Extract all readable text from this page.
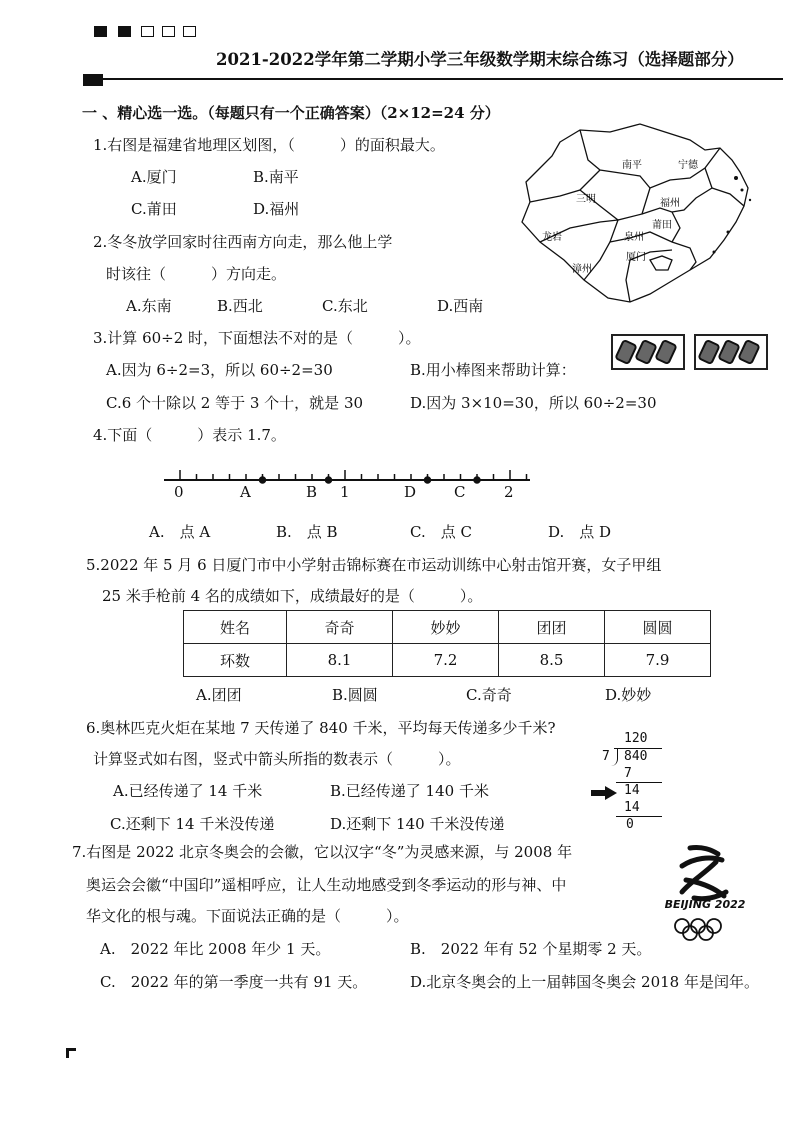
2021-2022学年第二学期小学三年级数学期末综合练习（选择题部分）
一 、精心选一选。（每题只有一个正确答案）（2×12=24 分）
1.右图是福建省地理区划图，（　　　）的面积最大。
A.厦门	B.南平
C.莆田	D.福州
南平	宁德
三明	福州
龙岩
莆田
泉州
漳州
厦门
2.冬冬放学回家时往西南方向走，那么他上学
时该往（　　　）方向走。
A.东南	B.西北	C.东北	D.西南
3.计算 60÷2 时，下面想法不对的是（　　　）。
A.因为 6÷2=3，所以 60÷2=30	B.用小棒图来帮助计算：
C.6 个十除以 2 等于 3 个十，就是 30	D.因为 3×10=30，所以 60÷2=30
4.下面（　　　）表示 1.7。
0	A	B 1	D	C	2
A.　点 A	B.　点 B	C.　点 C	D.　点 D
5.2022 年 5 月 6 日厦门市中小学射击锦标赛在市运动训练中心射击馆开赛，女子甲组
25 米手枪前 4 名的成绩如下，成绩最好的是（　　　）。
姓名	奇奇	妙妙	团团	圆圆
环数	8.1	7.2	8.5	7.9
A.团团	B.圆圆	C.奇奇	D.妙妙
6.奥林匹克火炬在某地 7 天传递了 840 千米，平均每天传递多少千米?
计算竖式如右图，竖式中箭头所指的数表示（　　　）。
A.已经传递了 14 千米	B.已经传递了 140 千米
C.还剩下 14 千米没传递	D.还剩下 140 千米没传递
120
7 840
7
14
14
0
7.右图是 2022 北京冬奥会的会徽，它以汉字“冬”为灵感来源，与 2008 年
奥运会会徽“中国印”遥相呼应，让人生动地感受到冬季运动的形与神、中
华文化的根与魂。下面说法正确的是（　　　）。
A.　2022 年比 2008 年少 1 天。	B.　2022 年有 52 个星期零 2 天。
C.　2022 年的第一季度一共有 91 天。	D.北京冬奥会的上一届韩国冬奥会 2018 年是闰年。
BEIJING 2022
